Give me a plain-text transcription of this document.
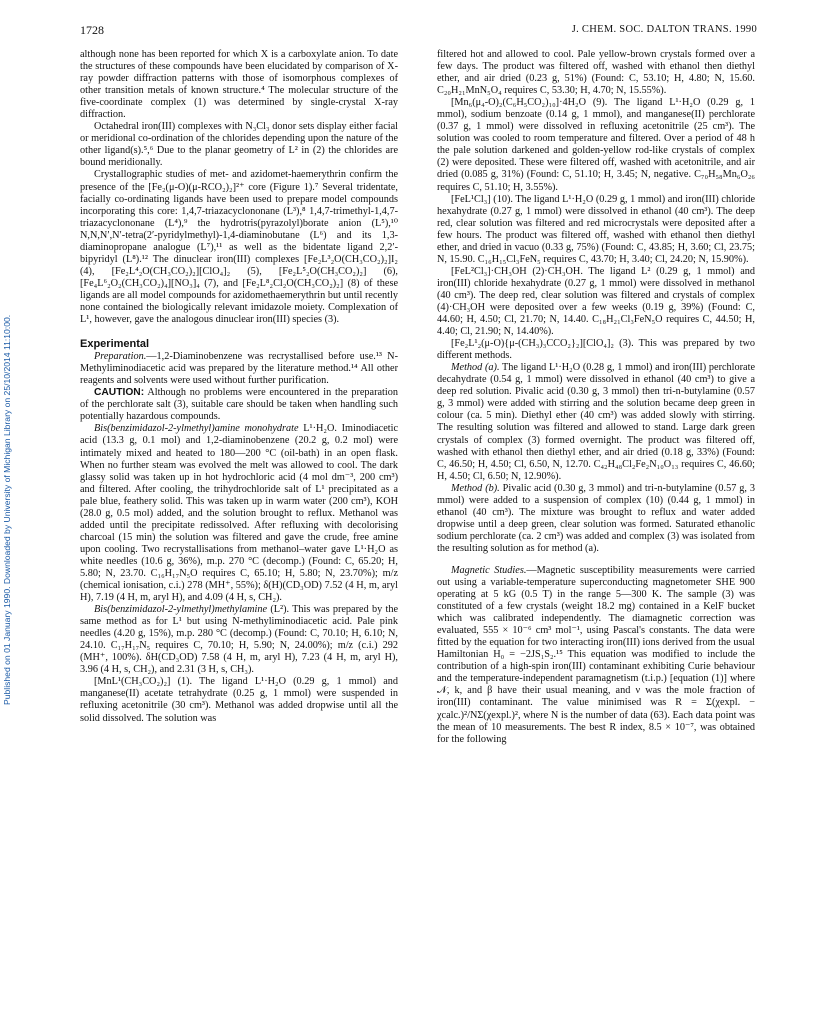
Published on 01 January 1990. Downloaded by University of Michigan Library on 25/10/2014 11:10:00.
1728	J. CHEM. SOC. DALTON TRANS. 1990

although none has been reported for which X is a carboxylate anion. To date the structures of these compounds have been elucidated by comparison of X-ray powder diffraction patterns with those of isomorphous complexes of other transition metals of known structure.⁴ The molecular structure of the five-coordinate complex (1) was determined by single-crystal X-ray diffraction.

Octahedral iron(III) complexes with N₃Cl₃ donor sets display either facial or meridional co-ordination of the chlorides depending upon the nature of the other ligand(s).⁵,⁶ Due to the planar geometry of L² in (2) the chlorides are bound meridionally.

Crystallographic studies of met- and azidomet-haemerythrin confirm the presence of the [Fe₂(μ-O)(μ-RCO₂)₂]²⁺ core (Figure 1).⁷ Several tridentate, facially co-ordinating ligands have been used to prepare model compounds incorporating this core: 1,4,7-triazacyclononane (L³),⁸ 1,4,7-trimethyl-1,4,7-triazacyclononane (L⁴),⁹ the hydrotris(pyrazolyl)borate anion (L⁵),¹⁰ N,N,N′,N′-tetra(2′-pyridylmethyl)-1,4-diaminobutane (L⁶) and its 1,3-diaminopropane analogue (L⁷),¹¹ as well as the bidentate ligand 2,2′-bipyridyl (L⁸).¹² The dinuclear iron(III) complexes [Fe₂L³₂O(CH₃CO₂)₂]I₂ (4), [Fe₂L⁴₂O(CH₃CO₂)₂][ClO₄]₂ (5), [Fe₂L⁵₂O(CH₃CO₂)₂] (6), [Fe₄L⁶₂O₂(CH₃CO₂)₄][NO₃]₄ (7), and [Fe₂L⁸₂Cl₂O(CH₃CO₂)₂] (8) of these ligands are all model compounds for azidomethaemerythrin but until recently none contained the biologically relevant imidazole moiety. Complexation of L¹, however, gave the analogous dinuclear iron(III) species (3).

Experimental

Preparation.—1,2-Diaminobenzene was recrystallised before use.¹³ N-Methyliminodiacetic acid was prepared by the literature method.¹⁴ All other reagents and solvents were used without further purification.

CAUTION: Although no problems were encountered in the preparation of the perchlorate salt (3), suitable care should be taken when handling such potentially hazardous compounds.

Bis(benzimidazol-2-ylmethyl)amine monohydrate L¹·H₂O. Iminodiacetic acid (13.3 g, 0.1 mol) and 1,2-diaminobenzene (20.2 g, 0.2 mol) were intimately mixed and heated to 180—200 °C (oil-bath) in an open flask. When no further steam was evolved the melt was allowed to cool. The dark glassy solid was taken up in hot hydrochloric acid (4 mol dm⁻³, 200 cm³) and filtered. After cooling, the trihydrochloride salt of L¹ precipitated as a pale blue, feathery solid. This was taken up in warm water (200 cm³), KOH (28.0 g, 0.5 mol) added, and the solution brought to reflux. Methanol was added until the precipitate redissolved. After refluxing with decolorising charcoal (15 min) the solution was filtered and gave the crude, free amine upon cooling. Two recrystallisations from methanol–water gave L¹·H₂O as white needles (10.6 g, 36%), m.p. 270 °C (decomp.) (Found: C, 65.20; H, 5.80; N, 23.70. C₁₆H₁₇N₅O requires C, 65.10; H, 5.80; N, 23.70%); m/z (chemical ionisation, c.i.) 278 (MH⁺, 55%); δ(H)(CD₃OD) 7.52 (4 H, m, aryl H), 7.19 (4 H, m, aryl H), and 4.09 (4 H, s, CH₂).

Bis(benzimidazol-2-ylmethyl)methylamine (L²). This was prepared by the same method as for L¹ but using N-methyliminodiacetic acid. Pale pink needles (4.20 g, 15%), m.p. 280 °C (decomp.) (Found: C, 70.10; H, 6.10; N, 24.10. C₁₇H₁₇N₅ requires C, 70.10; H, 5.90; N, 24.00%); m/z (c.i.) 292 (MH⁺, 100%). δH(CD₃OD) 7.58 (4 H, m, aryl H), 7.23 (4 H, m, aryl H), 3.96 (4 H, s, CH₂), and 2.31 (3 H, s, CH₃).

[MnL¹(CH₃CO₂)₂] (1). The ligand L¹·H₂O (0.29 g, 1 mmol) and manganese(II) acetate tetrahydrate (0.25 g, 1 mmol) were suspended in refluxing acetonitrile (30 cm³). Methanol was added dropwise until all the solid dissolved. The solution was

filtered hot and allowed to cool. Pale yellow-brown crystals formed over a few days. The product was filtered off, washed with ethanol then diethyl ether, and air dried (0.23 g, 51%) (Found: C, 53.10; H, 4.80; N, 15.60. C₂₀H₂₁MnN₅O₄ requires C, 53.30; H, 4.70; N, 15.55%).

[Mn₆(μ₄-O)₂(C₆H₅CO₂)₁₀]·4H₂O (9). The ligand L¹·H₂O (0.29 g, 1 mmol), sodium benzoate (0.14 g, 1 mmol), and manganese(II) perchlorate (0.37 g, 1 mmol) were dissolved in refluxing acetonitrile (25 cm³). The solution was cooled to room temperature and filtered. Over a period of 48 h the pale solution darkened and golden-yellow rod-like crystals of complex (2) were deposited. These were filtered off, washed with acetonitrile, and air dried (0.085 g, 31%) (Found: C, 51.10; H, 3.45; N, negative. C₇₀H₅₈Mn₆O₂₆ requires C, 51.10; H, 3.55%).

[FeL¹Cl₃] (10). The ligand L¹·H₂O (0.29 g, 1 mmol) and iron(III) chloride hexahydrate (0.27 g, 1 mmol) were dissolved in ethanol (40 cm³). The deep red, clear solution was filtered and red microcrystals were deposited after a few hours. The product was filtered off, washed with ethanol then diethyl ether, and dried in vacuo (0.33 g, 75%) (Found: C, 43.85; H, 3.60; Cl, 23.75; N, 15.90. C₁₆H₁₅Cl₃FeN₅ requires C, 43.70; H, 3.40; Cl, 24.20; N, 15.90%).

[FeL²Cl₃]·CH₃OH (2)·CH₃OH. The ligand L² (0.29 g, 1 mmol) and iron(III) chloride hexahydrate (0.27 g, 1 mmol) were dissolved in methanol (40 cm³). The deep red, clear solution was filtered and crystals of complex (4)·CH₃OH were deposited over a few weeks (0.19 g, 39%) (Found: C, 44.60; H, 4.50; Cl, 21.70; N, 14.40. C₁₈H₂₁Cl₃FeN₅O requires C, 44.50; H, 4.40; Cl, 21.90; N, 14.40%).

[Fe₂L¹₂(μ-O){μ-(CH₃)₃CCO₂}₂][ClO₄]₂ (3). This was prepared by two different methods.

Method (a). The ligand L¹·H₂O (0.28 g, 1 mmol) and iron(III) perchlorate decahydrate (0.54 g, 1 mmol) were dissolved in ethanol (40 cm³) to give a deep red solution. Pivalic acid (0.30 g, 3 mmol) then tri-n-butylamine (0.57 g, 3 mmol) were added with stirring and the solution became deep green in colour (ca. 5 min). Diethyl ether (40 cm³) was added slowly with stirring. The resulting solution was filtered and allowed to stand. Large dark green crystals of complex (3) formed overnight. The product was filtered off, washed with ethanol then diethyl ether, and air dried (0.18 g, 33%) (Found: C, 46.50; H, 4.50; Cl, 6.50, N, 12.70. C₄₂H₄₈Cl₂Fe₂N₁₀O₁₃ requires C, 46.60; H, 4.50; Cl, 6.50; N, 12.90%).

Method (b). Pivalic acid (0.30 g, 3 mmol) and tri-n-butylamine (0.57 g, 3 mmol) were added to a suspension of complex (10) (0.44 g, 1 mmol) in ethanol (40 cm³). The mixture was brought to reflux and water added dropwise until a deep green, clear solution was formed. Saturated ethanolic sodium perchlorate (ca. 2 cm³) was added and complex (3) was isolated from the resulting solution as for method (a).

Magnetic Studies.—Magnetic susceptibility measurements were carried out using a variable-temperature superconducting magnetometer SHE 900 operating at 5 kG (0.5 T) in the range 5—300 K. The sample (3) was constituted of a few crystals (weight 18.2 mg) contained in a KelF bucket which was calibrated independently. The diamagnetic correction was evaluated, 555 × 10⁻⁶ cm³ mol⁻¹, using Pascal's constants. The data were fitted by the equation for two interacting iron(III) ions derived from the usual Hamiltonian H₀ = −2JS₁S₂.¹⁵ This equation was modified to include the contribution of a high-spin iron(III) contaminant exhibiting Curie behaviour and the temperature-independent paramagnetism (t.i.p.) [equation (1)] where 𝒩, k, and β have their usual meaning, and ν was the mole fraction of iron(III) contaminant. The value minimised was R = Σ(χexpl. − χcalc.)²/NΣ(χexpl.)², where N is the number of data (63). Each data point was the mean of 10 measurements. The best R index, 8.5 × 10⁻⁷, was obtained for the following
